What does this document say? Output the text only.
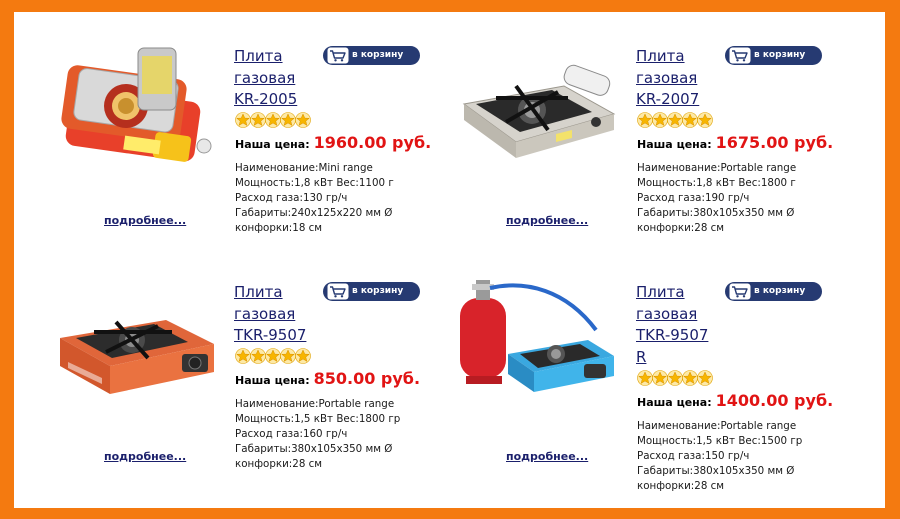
подробнее...
Плита
газовая
KR-2005
в корзину
Наша цена: 1960.00 руб.
Наименование:Mini range
Мощность:1,8 кВт Вес:1100 г
Расход газа:130 гр/ч
Габариты:240х125х220 мм Ø
конфорки:18 см
подробнее...
Плита
газовая
KR-2007
в корзину
Наша цена: 1675.00 руб.
Наименование:Portable range
Мощность:1,8 кВт Вес:1800 г
Расход газа:190 гр/ч
Габариты:380х105х350 мм Ø
конфорки:28 см
подробнее...
Плита
газовая
TKR-9507
в корзину
Наша цена: 850.00 руб.
Наименование:Portable range
Мощность:1,5 кВт Вес:1800 гр
Расход газа:160 гр/ч
Габариты:380х105х350 мм Ø
конфорки:28 см
подробнее...
Плита
газовая
TKR-9507
R
в корзину
Наша цена: 1400.00 руб.
Наименование:Portable range
Мощность:1,5 кВт Вес:1500 гр
Расход газа:150 гр/ч
Габариты:380х105х350 мм Ø
конфорки:28 см
